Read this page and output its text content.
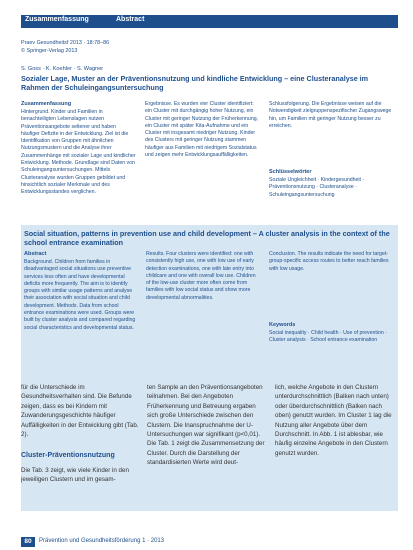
Zusammenfassung	Abstract
Praev Gesundheitsf 2013 · 18:78–86
© Springer-Verlag 2013
S. Goss · K. Koehler · S. Wagner
Sozialer Lage, Muster an der Präventionsnutzung und kindliche Entwicklung – eine Clusteranalyse im Rahmen der Schuleingangsuntersuchung
Zusammenfassung
Hintergrund. Kinder und Familien in benachteiligten Lebenslagen nutzen Präventionsangebote seltener und haben häufiger Defizite in der Entwicklung. Ziel ist die Identifikation von Gruppen mit ähnlichen Nutzungsmustern und die Analyse ihrer Zusammenhänge mit sozialer Lage und kindlicher Entwicklung. Methode. Grundlage sind Daten von Schuleingangsuntersuchungen. Mittels Clusteranalyse wurden Gruppen gebildet und hinsichtlich sozialer Merkmale und des Entwicklungsstandes verglichen.
Ergebnisse. Es wurden vier Cluster identifiziert: ein Cluster mit durchgängig hoher Nutzung, ein Cluster mit geringer Nutzung der Früherkennung, ein Cluster mit später Kita-Aufnahme und ein Cluster mit insgesamt niedriger Nutzung. Kinder des Clusters mit geringer Nutzung stammen häufiger aus Familien mit niedrigem Sozialstatus und zeigen mehr Entwicklungsauffälligkeiten.
Schlussfolgerung. Die Ergebnisse weisen auf die Notwendigkeit zielgruppenspezifischer Zugangswege hin, um Familien mit geringer Nutzung besser zu erreichen.
Schlüsselwörter
Soziale Ungleichheit · Kindergesundheit · Präventionsnutzung · Clusteranalyse · Schuleingangsuntersuchung
Social situation, patterns in prevention use and child development – A cluster analysis in the context of the school entrance examination
Abstract
Background. Children from families in disadvantaged social situations use preventive services less often and have developmental deficits more frequently. The aim is to identify groups with similar usage patterns and analyse their association with social situation and child development. Methods. Data from school entrance examinations were used. Groups were built by cluster analysis and compared regarding social characteristics and developmental status.
Results. Four clusters were identified: one with consistently high use, one with low use of early detection examinations, one with late entry into childcare and one with overall low use. Children of the low-use cluster more often come from families with low social status and show more developmental abnormalities.
Conclusion. The results indicate the need for target-group-specific access routes to better reach families with low usage.
Keywords
Social inequality · Child health · Use of prevention · Cluster analysis · School entrance examination
für die Unterschiede im Gesundheitsverhalten sind. Die Befunde zeigen, dass es bei Kindern mit Zuwanderungsgeschichte häufiger Auffälligkeiten in der Entwicklung gibt (Tab. 2).
Cluster-Präventionsnutzung
Die Tab. 3 zeigt, wie viele Kinder in den jeweiligen Clustern und im gesam-
ten Sample an den Präventionsangeboten teilnahmen. Bei den Angeboten Früherkennung und Betreuung ergaben sich große Unterschiede zwischen den Clustern. Die Inanspruchnahme der U-Untersuchungen war signifikant (p<0,01). Die Tab. 1 zeigt die Zusammensetzung der Cluster. Durch die Darstellung der standardisierten Werte wird deut-
lich, welche Angebote in den Clustern unterdurchschnittlich (Balken nach unten) oder überdurchschnittlich (Balken nach oben) genutzt wurden. Im Cluster 1 lag die Nutzung aller Angebote über dem Durchschnitt. In Abb. 1 ist ablesbar, wie häufig einzelne Angebote in den Clustern genutzt wurden.
80	Prävention und Gesundheitsförderung 1 · 2013
